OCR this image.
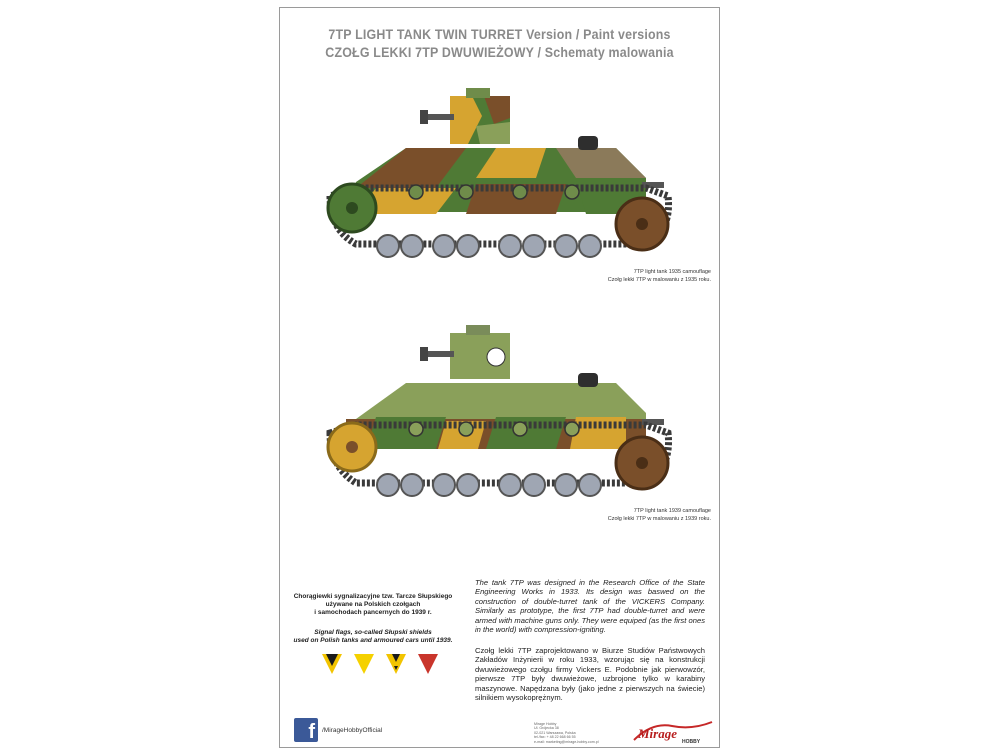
7TP LIGHT TANK TWIN TURRET Version / Paint versions
CZOŁG LEKKI 7TP DWUWIEŻOWY / Schematy malowania
7TP light tank 1935 camouflage
Czołg lekki 7TP w malowaniu z 1935 roku.
7TP light tank 1939 camouflage
Czołg lekki 7TP w malowaniu z 1939 roku.
Chorągiewki sygnalizacyjne tzw. Tarcze Słupskiego
używane na Polskich czołgach
i samochodach pancernych do 1939 r.
Signal flags, so-called Słupski shields
used on Polish tanks and armoured cars until 1939.
The tank 7TP was designed in the Research Office of the State Engineering Works in 1933. Its design was baswed on the construction of double-turret tank of the VICKERS Company. Similarly as prototype, the first 7TP had double-turret and were armed with machine guns only. They were equiped (as the first ones in the world) with compression-igniting.
Czołg lekki 7TP zaprojektowano w Biurze Studiów Państwowych Zakładów Inżynierii w roku 1933, wzorując się na konstrukcji dwuwieżowego czołgu firmy Vickers E. Podobnie jak pierwowzór, pierwsze 7TP były dwuwieżowe, uzbrojone tylko w karabiny maszynowe. Napędzana były (jako jedne z pierwszych na świecie) silnikiem wysokoprężnym.
f	/MirageHobbyOfficial
Mirage Hobby
Ul. Grójecka 38
02-021 Warszawa, Polska
tel./fax: + 48 22 668 66 55
e-mail: marketing@mirage-hobby.com.pl
Mirage
HOBBY
